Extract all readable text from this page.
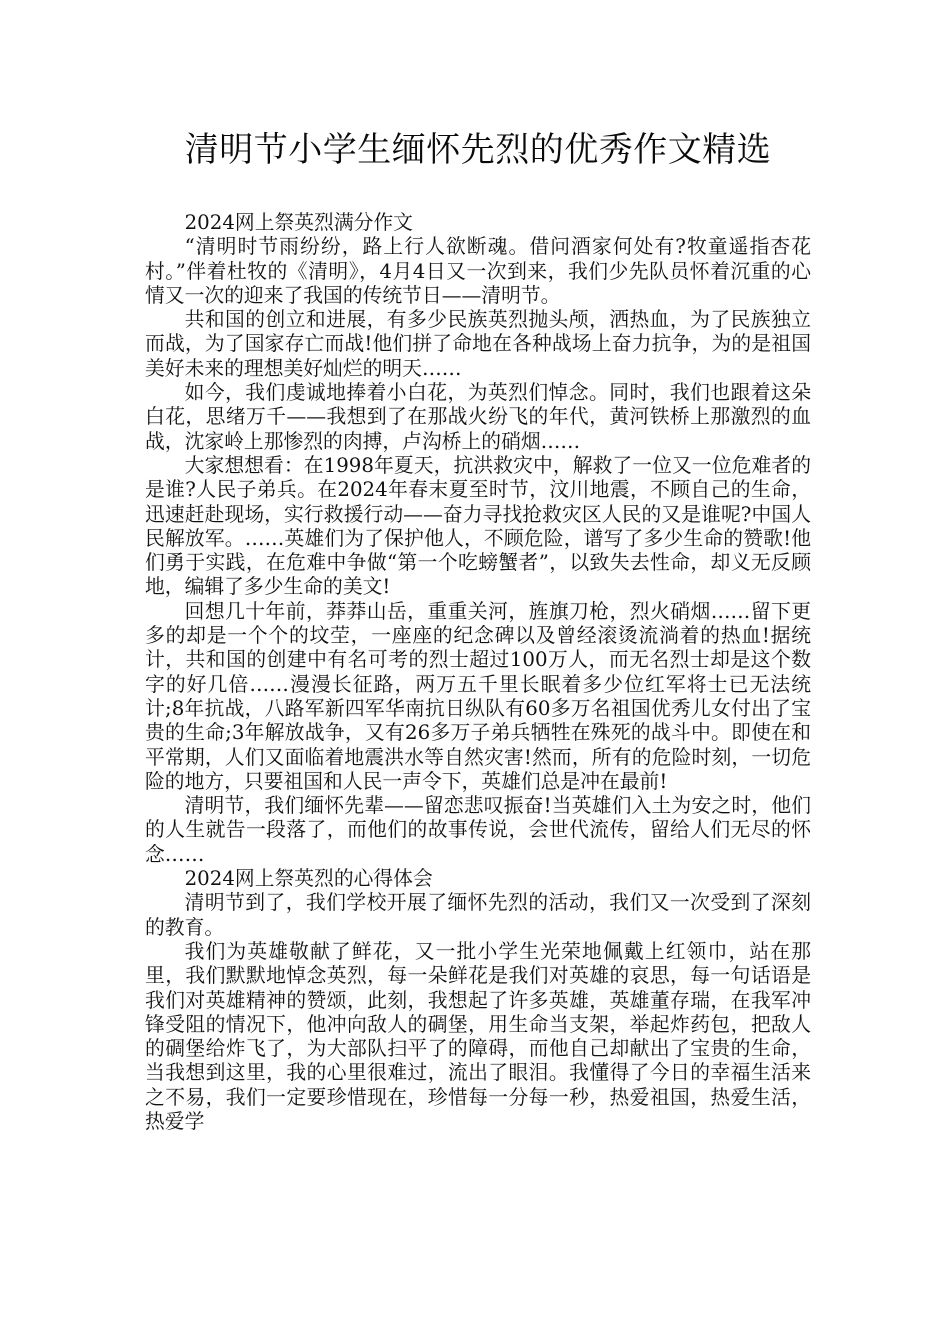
清明节小学生缅怀先烈的优秀作文精选

2024网上祭英烈满分作文

“清明时节雨纷纷，路上行人欲断魂。借问酒家何处有?牧童遥指杏花村。”伴着杜牧的《清明》，4月4日又一次到来，我们少先队员怀着沉重的心情又一次的迎来了我国的传统节日——清明节。

共和国的创立和进展，有多少民族英烈抛头颅，洒热血，为了民族独立而战，为了国家存亡而战!他们拼了命地在各种战场上奋力抗争，为的是祖国美好未来的理想美好灿烂的明天……

如今，我们虔诚地捧着小白花，为英烈们悼念。同时，我们也跟着这朵白花，思绪万千——我想到了在那战火纷飞的年代，黄河铁桥上那激烈的血战，沈家岭上那惨烈的肉搏，卢沟桥上的硝烟……

大家想想看：在1998年夏天，抗洪救灾中，解救了一位又一位危难者的是谁?人民子弟兵。在2024年春末夏至时节，汶川地震，不顾自己的生命，迅速赶赴现场，实行救援行动——奋力寻找抢救灾区人民的又是谁呢?中国人民解放军。……英雄们为了保护他人，不顾危险，谱写了多少生命的赞歌!他们勇于实践，在危难中争做“第一个吃螃蟹者”，以致失去性命，却义无反顾地，编辑了多少生命的美文!

回想几十年前，莽莽山岳，重重关河，旌旗刀枪，烈火硝烟……留下更多的却是一个个的坟茔，一座座的纪念碑以及曾经滚烫流淌着的热血!据统计，共和国的创建中有名可考的烈士超过100万人，而无名烈士却是这个数字的好几倍……漫漫长征路，两万五千里长眠着多少位红军将士已无法统计;8年抗战，八路军新四军华南抗日纵队有60多万名祖国优秀儿女付出了宝贵的生命;3年解放战争，又有26多万子弟兵牺牲在殊死的战斗中。即使在和平常期，人们又面临着地震洪水等自然灾害!然而，所有的危险时刻，一切危险的地方，只要祖国和人民一声令下，英雄们总是冲在最前!

清明节，我们缅怀先辈——留恋悲叹振奋!当英雄们入土为安之时，他们的人生就告一段落了，而他们的故事传说，会世代流传，留给人们无尽的怀念……

2024网上祭英烈的心得体会

清明节到了，我们学校开展了缅怀先烈的活动，我们又一次受到了深刻的教育。

我们为英雄敬献了鲜花，又一批小学生光荣地佩戴上红领巾，站在那里，我们默默地悼念英烈，每一朵鲜花是我们对英雄的哀思，每一句话语是我们对英雄精神的赞颂，此刻，我想起了许多英雄，英雄董存瑞，在我军冲锋受阻的情况下，他冲向敌人的碉堡，用生命当支架，举起炸药包，把敌人的碉堡给炸飞了，为大部队扫平了的障碍，而他自己却献出了宝贵的生命，当我想到这里，我的心里很难过，流出了眼泪。我懂得了今日的幸福生活来之不易，我们一定要珍惜现在，珍惜每一分每一秒，热爱祖国，热爱生活，热爱学
